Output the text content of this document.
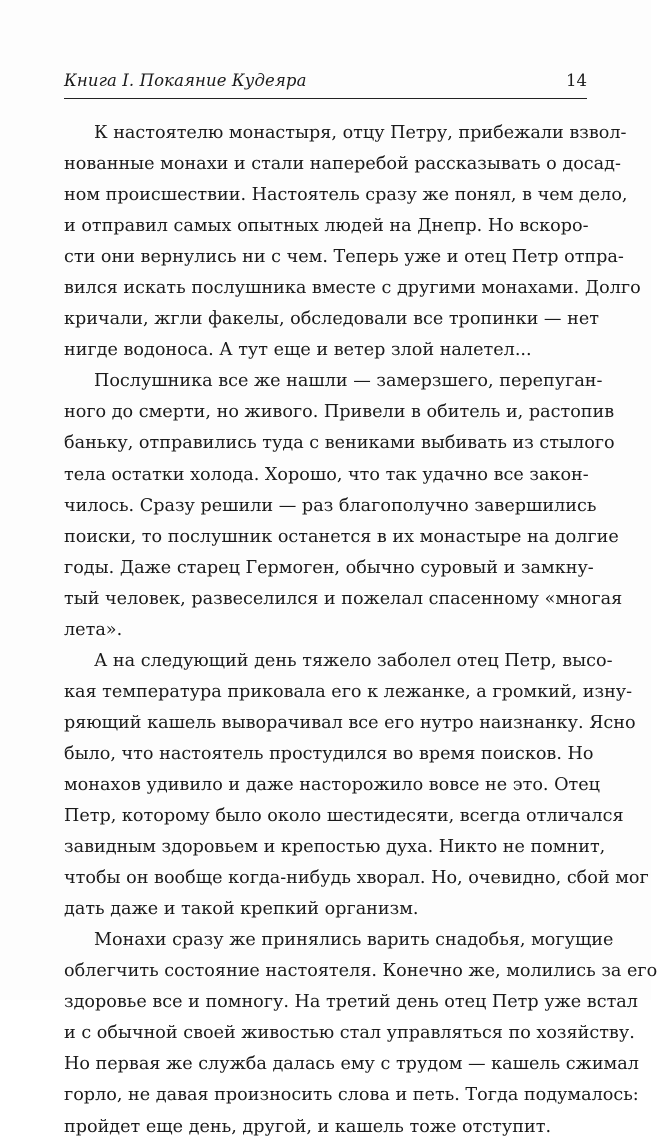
Книга I. Покаяние Кудеяра	14
К настоятелю монастыря, отцу Петру, прибежали взвол-
нованные монахи и стали наперебой рассказывать о досад-
ном происшествии. Настоятель сразу же понял, в чем дело,
и отправил самых опытных людей на Днепр. Но вскоро-
сти они вернулись ни с чем. Теперь уже и отец Петр отпра-
вился искать послушника вместе с другими монахами. Долго
кричали, жгли факелы, обследовали все тропинки — нет
нигде водоноса. А тут еще и ветер злой налетел...
Послушника все же нашли — замерзшего, перепуган-
ного до смерти, но живого. Привели в обитель и, растопив
баньку, отправились туда с вениками выбивать из стылого
тела остатки холода. Хорошо, что так удачно все закон-
чилось. Сразу решили — раз благополучно завершились
поиски, то послушник останется в их монастыре на долгие
годы. Даже старец Гермоген, обычно суровый и замкну-
тый человек, развеселился и пожелал спасенному «многая
лета».
А на следующий день тяжело заболел отец Петр, высо-
кая температура приковала его к лежанке, а громкий, изну-
ряющий кашель выворачивал все его нутро наизнанку. Ясно
было, что настоятель простудился во время поисков. Но
монахов удивило и даже насторожило вовсе не это. Отец
Петр, которому было около шестидесяти, всегда отличался
завидным здоровьем и крепостью духа. Никто не помнит,
чтобы он вообще когда-нибудь хворал. Но, очевидно, сбой мог
дать даже и такой крепкий организм.
Монахи сразу же принялись варить снадобья, могущие
облегчить состояние настоятеля. Конечно же, молились за его
здоровье все и помногу. На третий день отец Петр уже встал
и с обычной своей живостью стал управляться по хозяйству.
Но первая же служба далась ему с трудом — кашель сжимал
горло, не давая произносить слова и петь. Тогда подумалось:
пройдет еще день, другой, и кашель тоже отступит.
